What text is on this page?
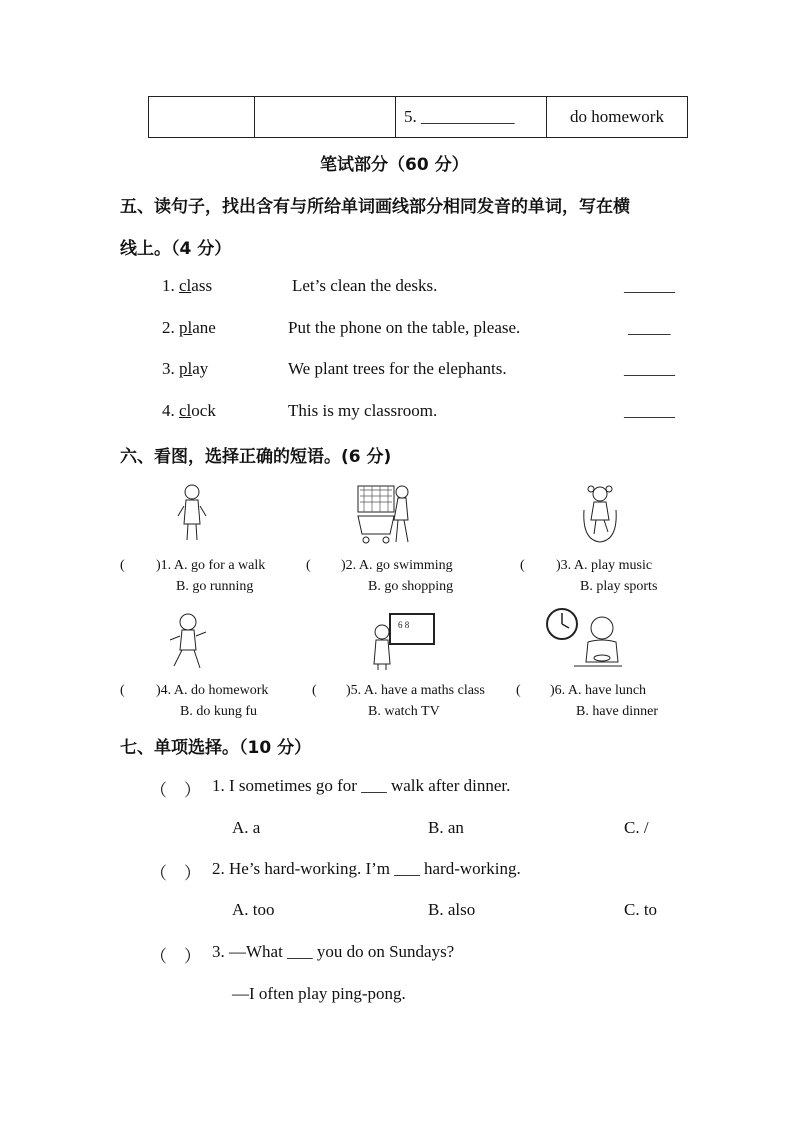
		5. ___________	do homework
笔试部分（60 分）
五、读句子，找出含有与所给单词画线部分相同发音的单词，写在横
线上。（4 分）
1. class	Let’s clean the desks.	______
2. plane	Put the phone on the table, please.	_____
3. play	We plant trees for the elephants.	______
4. clock	This is my classroom.	______
六、看图，选择正确的短语。(6 分)
( )1. A. go for a walk
B. go running
( )2. A. go swimming
B. go shopping
( )3. A. play music
B. play sports
6 8
( )4. A. do homework
B. do kung fu
( )5. A. have a maths class
B. watch TV
( )6. A. have lunch
B. have dinner
七、单项选择。（10 分）
（　） 1. I sometimes go for ___ walk after dinner.
A. a	B. an	C. /
（　） 2. He’s hard-working. I’m ___ hard-working.
A. too	B. also	C. to
（　） 3. —What ___ you do on Sundays?
—I often play ping-pong.
